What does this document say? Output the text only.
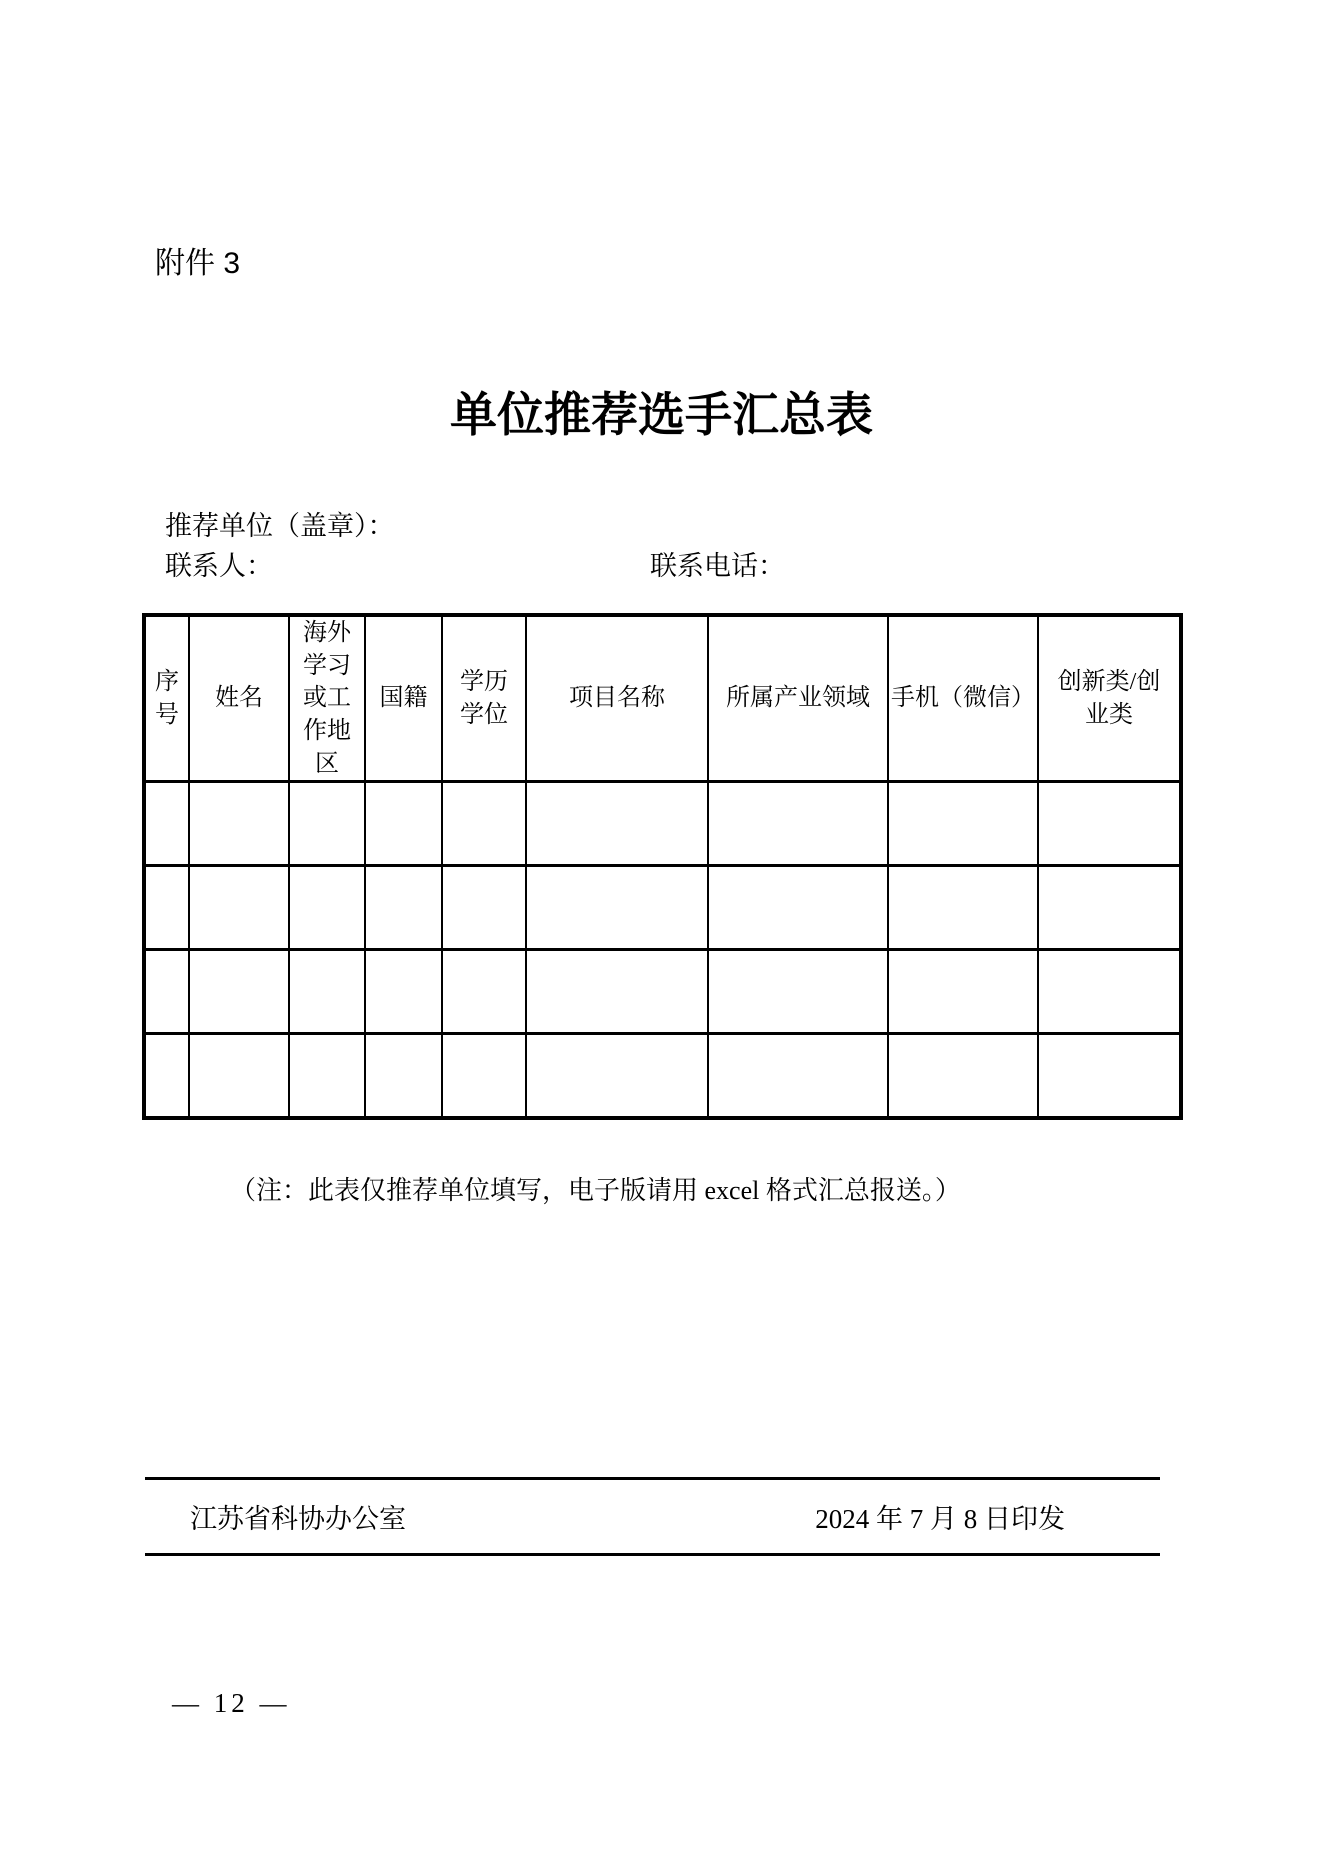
附件 3
单位推荐选手汇总表
推荐单位（盖章）：
联系人：	联系电话：
序号	姓名	海外学习或工作地区	国籍	学历学位	项目名称	所属产业领域	手机（微信）	创新类/创业类

（注：此表仅推荐单位填写，电子版请用 excel 格式汇总报送。）
江苏省科协办公室	2024 年 7 月 8 日印发
— 12 —
